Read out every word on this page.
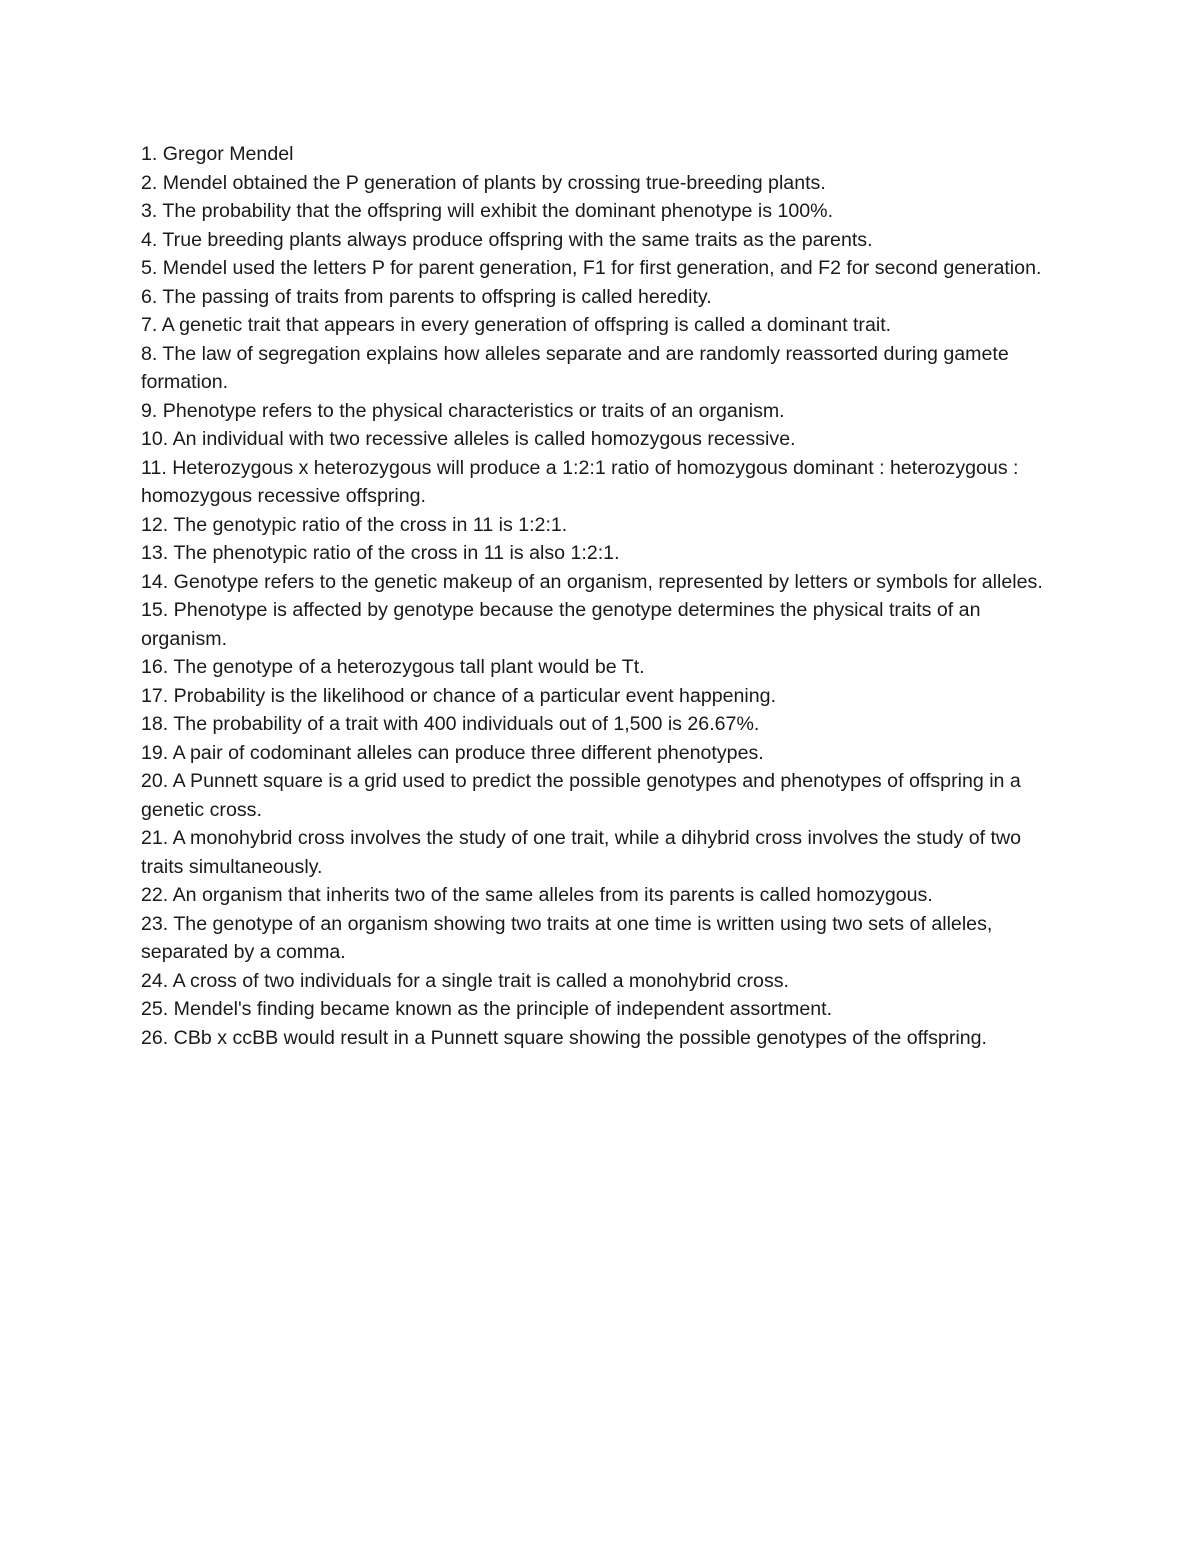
1. Gregor Mendel
2. Mendel obtained the P generation of plants by crossing true-breeding plants.
3. The probability that the offspring will exhibit the dominant phenotype is 100%.
4. True breeding plants always produce offspring with the same traits as the parents.
5. Mendel used the letters P for parent generation, F1 for first generation, and F2 for second generation.
6. The passing of traits from parents to offspring is called heredity.
7. A genetic trait that appears in every generation of offspring is called a dominant trait.
8. The law of segregation explains how alleles separate and are randomly reassorted during gamete formation.
9. Phenotype refers to the physical characteristics or traits of an organism.
10. An individual with two recessive alleles is called homozygous recessive.
11. Heterozygous x heterozygous will produce a 1:2:1 ratio of homozygous dominant : heterozygous : homozygous recessive offspring.
12. The genotypic ratio of the cross in 11 is 1:2:1.
13. The phenotypic ratio of the cross in 11 is also 1:2:1.
14. Genotype refers to the genetic makeup of an organism, represented by letters or symbols for alleles.
15. Phenotype is affected by genotype because the genotype determines the physical traits of an organism.
16. The genotype of a heterozygous tall plant would be Tt.
17. Probability is the likelihood or chance of a particular event happening.
18. The probability of a trait with 400 individuals out of 1,500 is 26.67%.
19. A pair of codominant alleles can produce three different phenotypes.
20. A Punnett square is a grid used to predict the possible genotypes and phenotypes of offspring in a genetic cross.
21. A monohybrid cross involves the study of one trait, while a dihybrid cross involves the study of two traits simultaneously.
22. An organism that inherits two of the same alleles from its parents is called homozygous.
23. The genotype of an organism showing two traits at one time is written using two sets of alleles, separated by a comma.
24. A cross of two individuals for a single trait is called a monohybrid cross.
25. Mendel's finding became known as the principle of independent assortment.
26. CBb x ccBB would result in a Punnett square showing the possible genotypes of the offspring.
